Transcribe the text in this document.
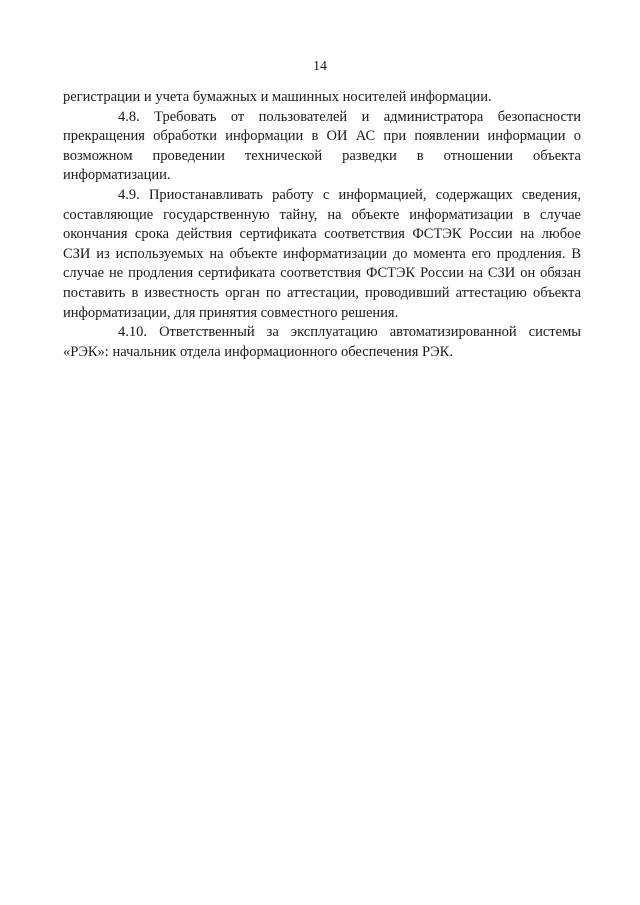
14

регистрации и учета бумажных и машинных носителей информации.

4.8. Требовать от пользователей и администратора безопасности прекращения обработки информации в ОИ АС при появлении информации о возможном проведении технической разведки в отношении объекта информатизации.

4.9. Приостанавливать работу с информацией, содержащих сведения, составляющие государственную тайну, на объекте информатизации в случае окончания срока действия сертификата соответствия ФСТЭК России на любое СЗИ из используемых на объекте информатизации до момента его продления. В случае не продления сертификата соответствия ФСТЭК России на СЗИ он обязан поставить в известность орган по аттестации, проводивший аттестацию объекта информатизации, для принятия совместного решения.

4.10. Ответственный за эксплуатацию автоматизированной системы «РЭК»: начальник отдела информационного обеспечения РЭК.
